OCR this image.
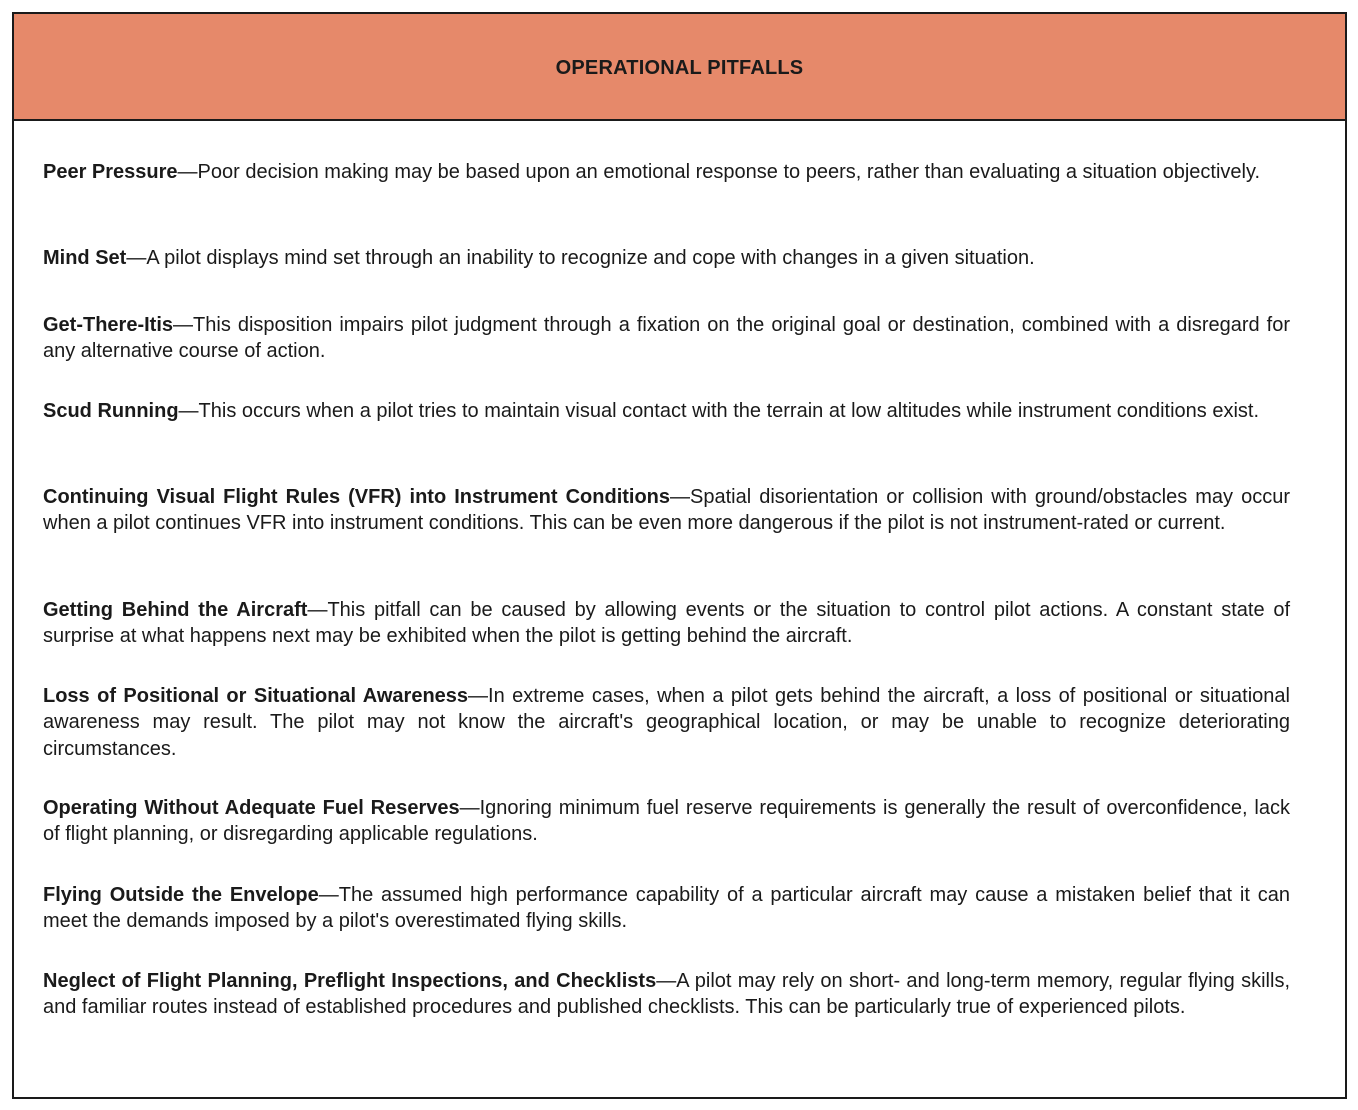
OPERATIONAL PITFALLS

Peer Pressure—Poor decision making may be based upon an emotional response to peers, rather than evaluating a situation objectively.

Mind Set—A pilot displays mind set through an inability to recognize and cope with changes in a given situation.

Get-There-Itis—This disposition impairs pilot judgment through a fixation on the original goal or destination, combined with a disregard for any alternative course of action.

Scud Running—This occurs when a pilot tries to maintain visual contact with the terrain at low altitudes while instrument conditions exist.

Continuing Visual Flight Rules (VFR) into Instrument Conditions—Spatial disorientation or collision with ground/obstacles may occur when a pilot continues VFR into instrument conditions. This can be even more dangerous if the pilot is not instrument-rated or current.

Getting Behind the Aircraft—This pitfall can be caused by allowing events or the situation to control pilot actions. A constant state of surprise at what happens next may be exhibited when the pilot is getting behind the aircraft.

Loss of Positional or Situational Awareness—In extreme cases, when a pilot gets behind the aircraft, a loss of positional or situational awareness may result. The pilot may not know the aircraft's geographical location, or may be unable to recognize deteriorating circumstances.

Operating Without Adequate Fuel Reserves—Ignoring minimum fuel reserve requirements is generally the result of overconfidence, lack of flight planning, or disregarding applicable regulations.

Flying Outside the Envelope—The assumed high performance capability of a particular aircraft may cause a mistaken belief that it can meet the demands imposed by a pilot's overestimated flying skills.

Neglect of Flight Planning, Preflight Inspections, and Checklists—A pilot may rely on short- and long-term memory, regular flying skills, and familiar routes instead of established procedures and published checklists. This can be particularly true of experienced pilots.
